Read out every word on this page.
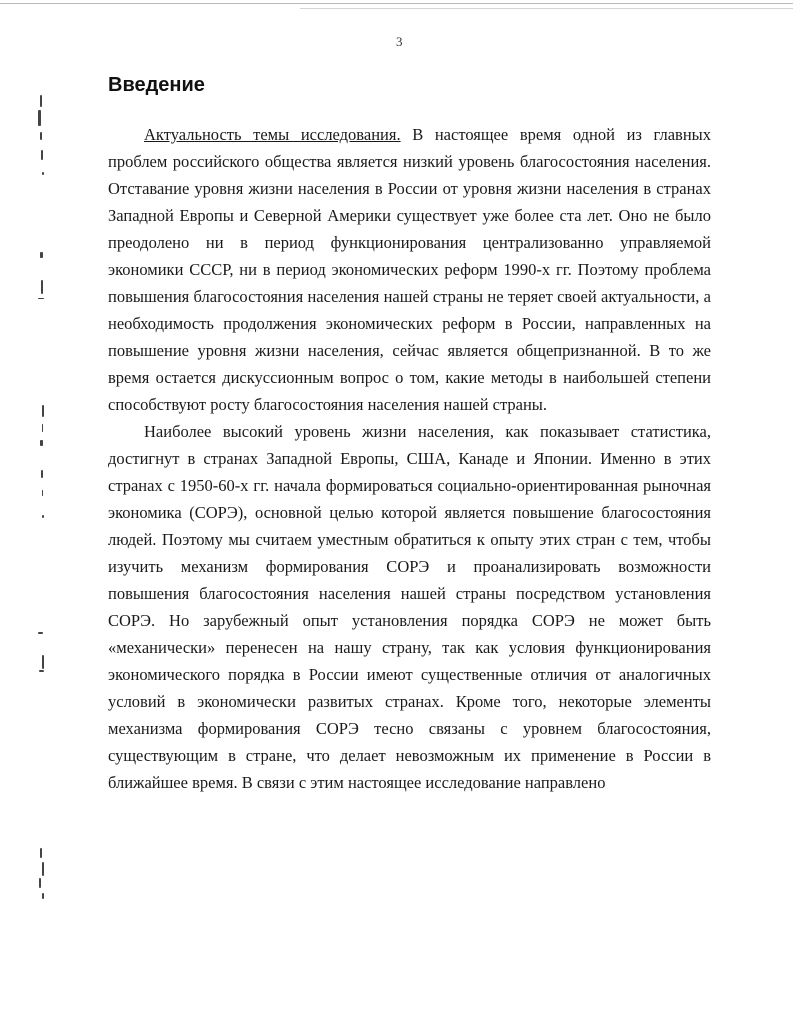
3
Введение

Актуальность темы исследования. В настоящее время одной из главных проблем российского общества является низкий уровень благосостояния населения. Отставание уровня жизни населения в России от уровня жизни населения в странах Западной Европы и Северной Америки существует уже более ста лет. Оно не было преодолено ни в период функционирования централизованно управляемой экономики СССР, ни в период экономических реформ 1990-х гг. Поэтому проблема повышения благосостояния населения нашей страны не теряет своей актуальности, а необходимость продолжения экономических реформ в России, направленных на повышение уровня жизни населения, сейчас является общепризнанной. В то же время остается дискуссионным вопрос о том, какие методы в наибольшей степени способствуют росту благосостояния населения нашей страны.

Наиболее высокий уровень жизни населения, как показывает статистика, достигнут в странах Западной Европы, США, Канаде и Японии. Именно в этих странах с 1950-60-х гг. начала формироваться социально-ориентированная рыночная экономика (СОРЭ), основной целью которой является повышение благосостояния людей. Поэтому мы считаем уместным обратиться к опыту этих стран с тем, чтобы изучить механизм формирования СОРЭ и проанализировать возможности повышения благосостояния населения нашей страны посредством установления СОРЭ. Но зарубежный опыт установления порядка СОРЭ не может быть «механически» перенесен на нашу страну, так как условия функционирования экономического порядка в России имеют существенные отличия от аналогичных условий в экономически развитых странах. Кроме того, некоторые элементы механизма формирования СОРЭ тесно связаны с уровнем благосостояния, существующим в стране, что делает невозможным их применение в России в ближайшее время. В связи с этим настоящее исследование направлено
